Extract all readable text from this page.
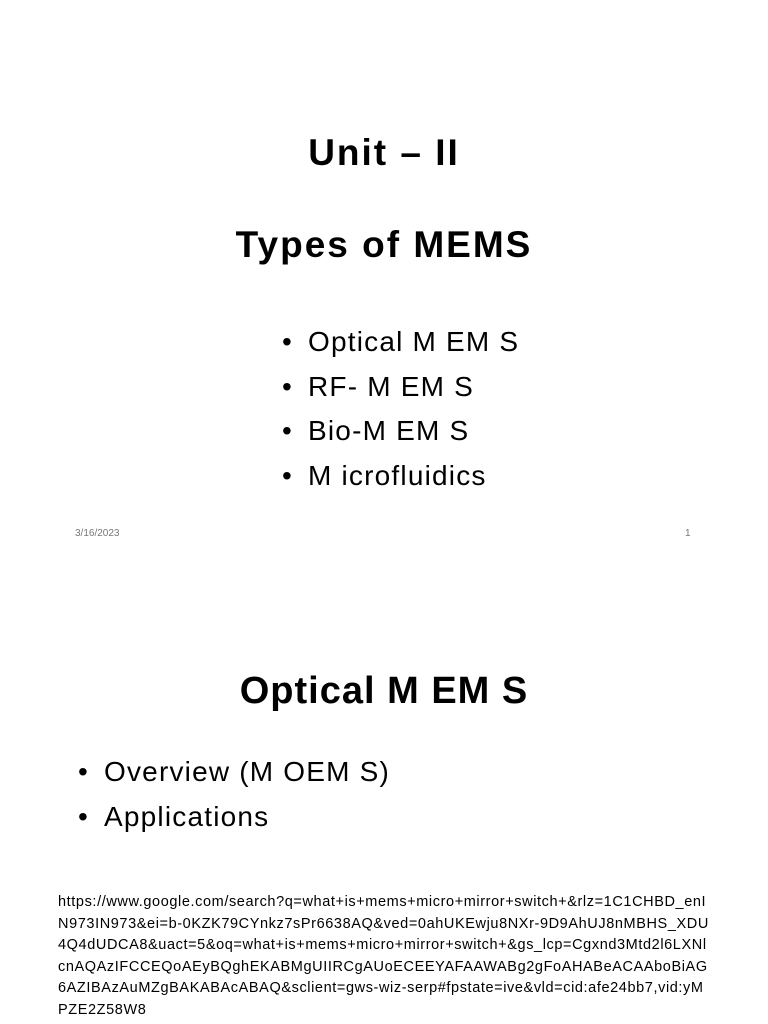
Unit – II
Types of MEMS
• Optical M EM S
• RF- M EM S
• Bio-M EM S
• M icrofluidics
3/16/2023	1
Optical M EM S
• Overview (M OEM S)
• Applications

https://www.google.com/search?q=what+is+mems+micro+mirror+switch+&rlz=1C1CHBD_enIN973IN973&ei=b-0KZK79CYnkz7sPr6638AQ&ved=0ahUKEwju8NXr-9D9AhUJ8nMBHS_XDU4Q4dUDCA8&uact=5&oq=what+is+mems+micro+mirror+switch+&gs_lcp=Cgxnd3Mtd2l6LXNlcnAQAzIFCCEQoAEyBQghEKABMgUIIRCgAUoECEEYAFAAWABg2gFoAHABeACAAboBiAG6AZIBAzAuMZgBAKABAcABAQ&sclient=gws-wiz-serp#fpstate=ive&vld=cid:afe24bb7,vid:yMPZE2Z58W8
